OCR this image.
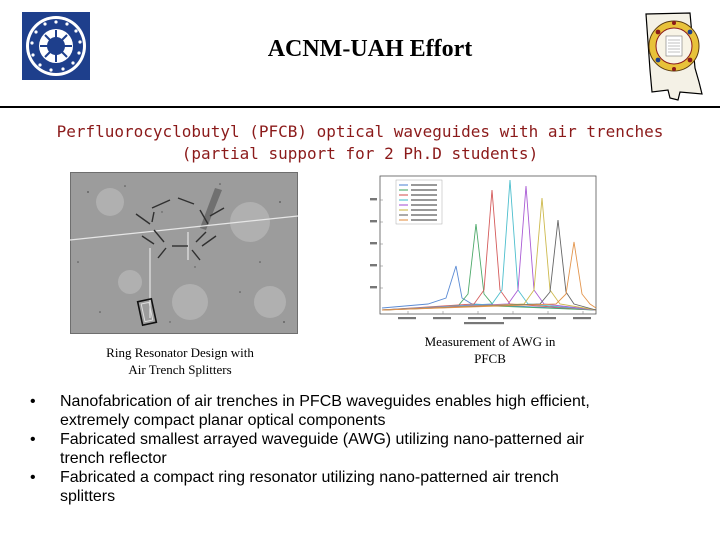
ACNM-UAH Effort
Perfluorocyclobutyl (PFCB) optical waveguides with air trenches
(partial support for 2 Ph.D students)
Ring Resonator Design with
Air Trench Splitters
Measurement of AWG in
PFCB
• Nanofabrication of air trenches in PFCB waveguides enables high efficient,
extremely compact planar optical components
• Fabricated smallest arrayed waveguide (AWG) utilizing nano-patterned air
trench reflector
• Fabricated a compact ring resonator utilizing nano-patterned air trench
splitters
